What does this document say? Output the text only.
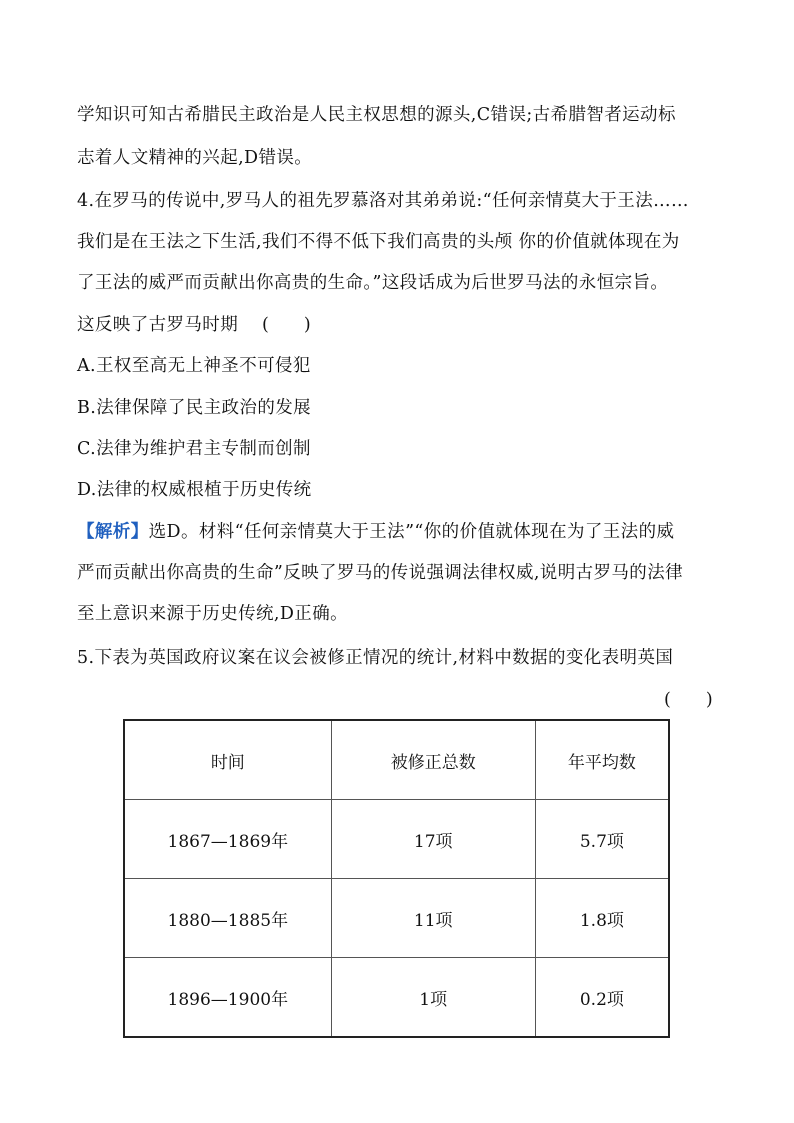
学知识可知古希腊民主政治是人民主权思想的源头,C错误;古希腊智者运动标
志着人文精神的兴起,D错误。
4.在罗马的传说中,罗马人的祖先罗慕洛对其弟弟说:“任何亲情莫大于王法……
我们是在王法之下生活,我们不得不低下我们高贵的头颅 你的价值就体现在为
了王法的威严而贡献出你高贵的生命。”这段话成为后世罗马法的永恒宗旨。
这反映了古罗马时期 (　　)
A.王权至高无上神圣不可侵犯
B.法律保障了民主政治的发展
C.法律为维护君主专制而创制
D.法律的权威根植于历史传统
【解析】选D。材料“任何亲情莫大于王法”“你的价值就体现在为了王法的威
严而贡献出你高贵的生命”反映了罗马的传说强调法律权威,说明古罗马的法律
至上意识来源于历史传统,D正确。
5.下表为英国政府议案在议会被修正情况的统计,材料中数据的变化表明英国
(　　)
时间	被修正总数	年平均数
1867—1869年	17项	5.7项
1880—1885年	11项	1.8项
1896—1900年	1项	0.2项
